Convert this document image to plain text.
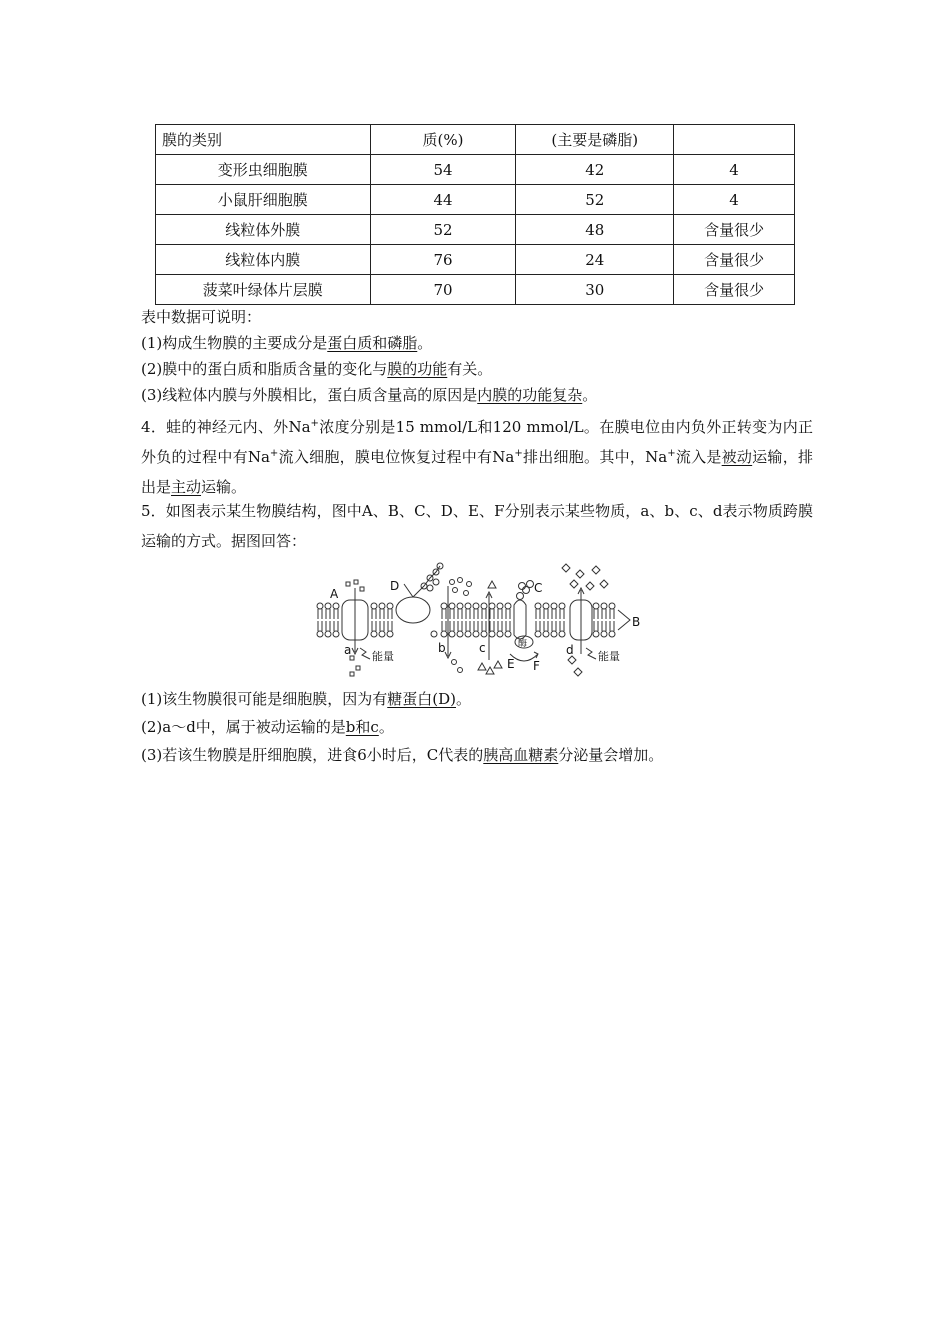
膜的类别	质(%)	(主要是磷脂)	
变形虫细胞膜	54	42	4
小鼠肝细胞膜	44	52	4
线粒体外膜	52	48	含量很少
线粒体内膜	76	24	含量很少
菠菜叶绿体片层膜	70	30	含量很少
表中数据可说明：
(1)构成生物膜的主要成分是蛋白质和磷脂。
(2)膜中的蛋白质和脂质含量的变化与膜的功能有关。
(3)线粒体内膜与外膜相比，蛋白质含量高的原因是内膜的功能复杂。
4．蛙的神经元内、外Na+浓度分别是15 mmol/L和120 mmol/L。在膜电位由内负外正转变为内正外负的过程中有Na+流入细胞，膜电位恢复过程中有Na+排出细胞。其中，Na+流入是被动运输，排出是主动运输。
5．如图表示某生物膜结构，图中A、B、C、D、E、F分别表示某些物质，a、b、c、d表示物质跨膜运输的方式。据图回答：
A
B
C
D
E F
a	b	c	d
能量	能量
酶
(1)该生物膜很可能是细胞膜，因为有糖蛋白(D)。
(2)a～d中，属于被动运输的是b和c。
(3)若该生物膜是肝细胞膜，进食6小时后，C代表的胰高血糖素分泌量会增加。
